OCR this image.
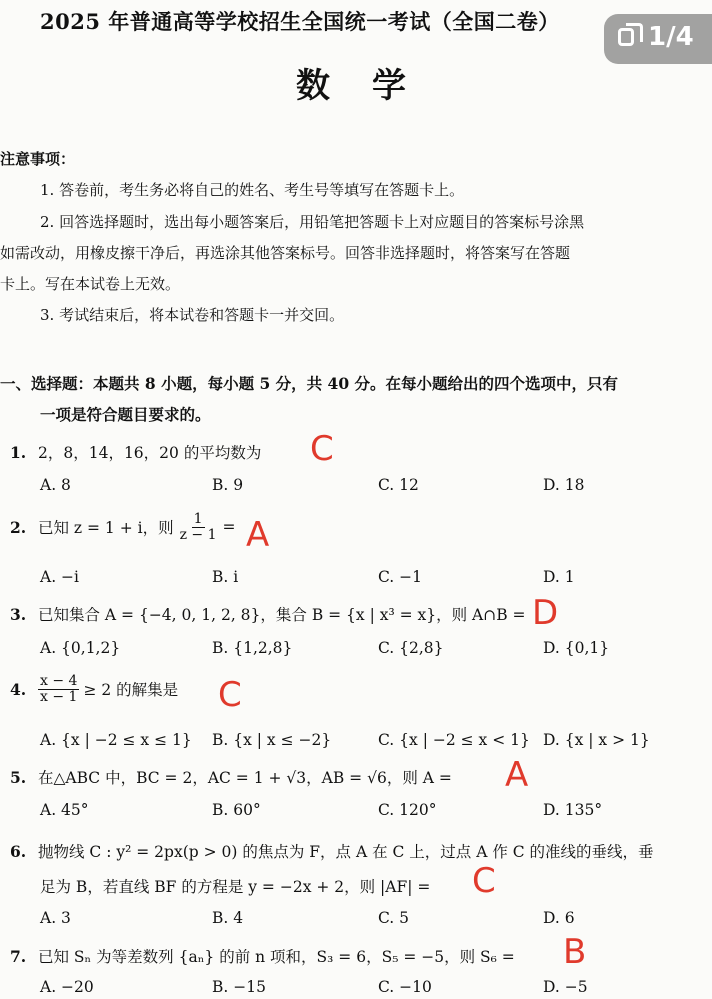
2025 年普通高等学校招生全国统一考试（全国二卷）
数学
1/4
注意事项：
1. 答卷前，考生务必将自己的姓名、考生号等填写在答题卡上。
2. 回答选择题时，选出每小题答案后，用铅笔把答题卡上对应题目的答案标号涂黑
如需改动，用橡皮擦干净后，再选涂其他答案标号。回答非选择题时，将答案写在答题
卡上。写在本试卷上无效。
3. 考试结束后，将本试卷和答题卡一并交回。
一、选择题：本题共 8 小题，每小题 5 分，共 40 分。在每小题给出的四个选项中，只有
一项是符合题目要求的。
1. 2，8，14，16，20 的平均数为 C
A. 8	B. 9	C. 12	D. 18
2. 已知 z = 1 + i，则 $\frac{1}{z - 1} = A$
A. −i	B. i	C. −1	D. 1
3. 已知集合 A = {−4, 0, 1, 2, 8}，集合 B = {x | x³ = x}，则 A∩B = D
A. {0,1,2}	B. {1,2,8}	C. {2,8}	D. {0,1}
4. $\frac{x - 4}{x - 1} \ge 2$ 的解集是 C
A. {x | −2 ≤ x ≤ 1} B. {x | x ≤ −2}	C. {x | −2 ≤ x < 1} D. {x | x > 1}
5. 在△ABC 中，BC = 2，AC = 1 + √3，AB = √6，则 A = A
A. 45°	B. 60°	C. 120°	D. 135°
6. 抛物线 C : y² = 2px(p > 0) 的焦点为 F，点 A 在 C 上，过点 A 作 C 的准线的垂线，垂
足为 B，若直线 BF 的方程是 y = −2x + 2，则 |AF| = C
A. 3	B. 4	C. 5	D. 6
7. 已知 Sₙ 为等差数列 {aₙ} 的前 n 项和，S₃ = 6，S₅ = −5，则 S₆ = B
A. −20	B. −15	C. −10	D. −5
